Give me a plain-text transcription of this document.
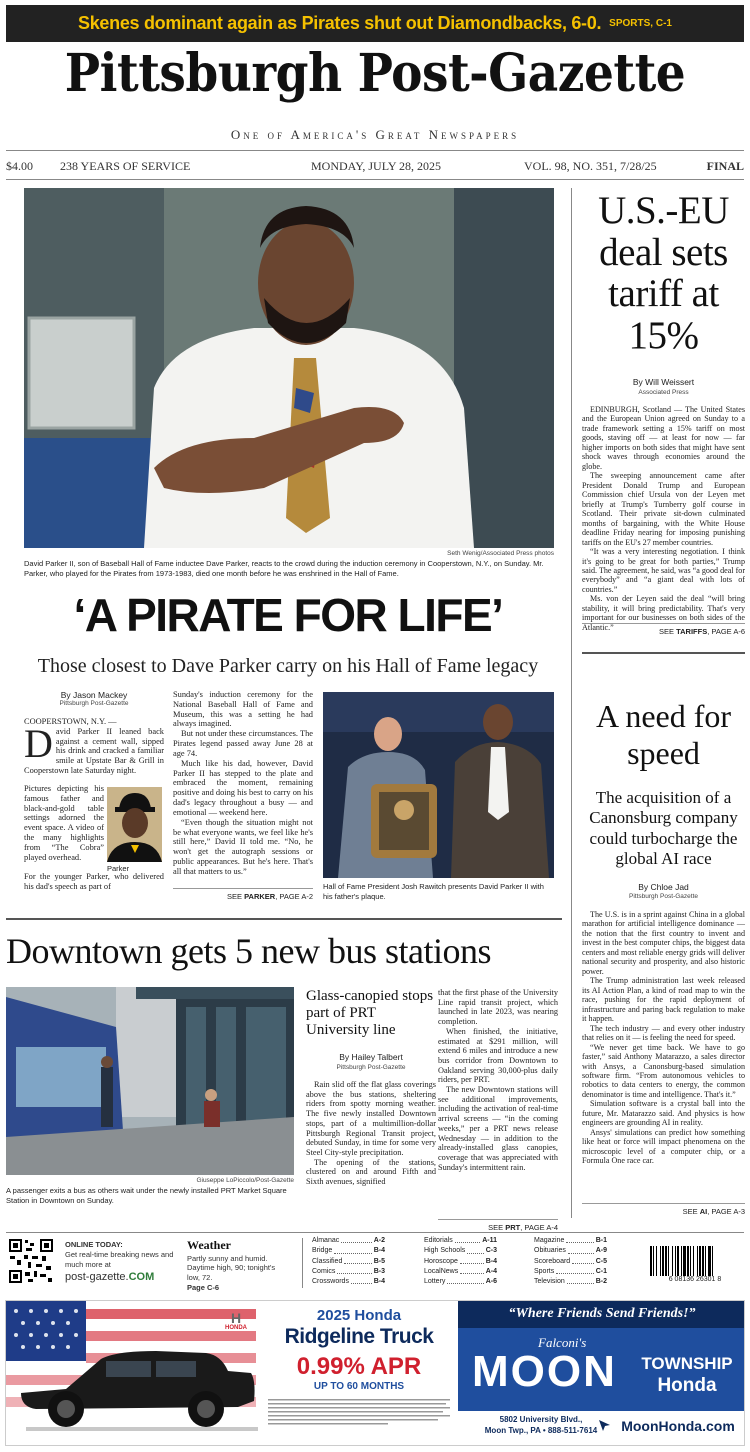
Skenes dominant again as Pirates shut out Diamondbacks, 6-0. SPORTS, C-1
Pittsburgh Post-Gazette
One of America's Great Newspapers
$4.00 238 YEARS OF SERVICE	MONDAY, JULY 28, 2025	VOL. 98, NO. 351, 7/28/25	FINAL
Seth Wenig/Associated Press photos
David Parker II, son of Baseball Hall of Fame inductee Dave Parker, reacts to the crowd during the induction ceremony in Cooperstown, N.Y., on Sunday. Mr. Parker, who played for the Pirates from 1973-1983, died one month before he was enshrined in the Hall of Fame.
‘A PIRATE FOR LIFE’
Those closest to Dave Parker carry on his Hall of Fame legacy
By Jason Mackey
Pittsburgh Post-Gazette
COOPERSTOWN, N.Y. —
D avid Parker II leaned back against a cement wall, sipped his drink and cracked a familiar smile at Upstate Bar & Grill in Cooperstown late Saturday night.
Pictures depicting his famous father and black-and-gold table settings adorned the event space. A video of the many highlights from “The Cobra” played overhead.
Parker
For the younger Parker, who delivered his dad's speech as part of

Sunday's induction ceremony for the National Baseball Hall of Fame and Museum, this was a setting he had always imagined.

But not under these circumstances. The Pirates legend passed away June 28 at age 74.

Much like his dad, however, David Parker II has stepped to the plate and embraced the moment, remaining positive and doing his best to carry on his dad's legacy throughout a busy — and emotional — weekend here.

“Even though the situation might not be what everyone wants, we feel like he's still here,” David II told me. “No, he won't get the autograph sessions or public appearances. But he's here. That's all that matters to us.”

SEE PARKER, PAGE A-2
Hall of Fame President Josh Rawitch presents David Parker II with his father's plaque.
U.S.-EU deal sets tariff at 15%
By Will Weissert
Associated Press

EDINBURGH, Scotland — The United States and the European Union agreed on Sunday to a trade framework setting a 15% tariff on most goods, staving off — at least for now — far higher imports on both sides that might have sent shock waves through economies around the globe.

The sweeping announcement came after President Donald Trump and European Commission chief Ursula von der Leyen met briefly at Trump's Turnberry golf course in Scotland. Their private sit-down culminated months of bargaining, with the White House deadline Friday nearing for imposing punishing tariffs on the EU's 27 member countries.

“It was a very interesting negotiation. I think it's going to be great for both parties,” Trump said. The agreement, he said, was “a good deal for everybody” and “a giant deal with lots of countries.”

Ms. von der Leyen said the deal “will bring stability, it will bring predictability. That's very important for our businesses on both sides of the Atlantic.”	SEE TARIFFS, PAGE A-6
A need for speed
The acquisition of a Canonsburg company could turbocharge the global AI race
By Chloe Jad
Pittsburgh Post-Gazette

The U.S. is in a sprint against China in a global marathon for artificial intelligence dominance — the notion that the first country to invent and invest in the best computer chips, the biggest data centers and most reliable energy grids will deliver national security and prosperity, and also historic power.

The Trump administration last week released its AI Action Plan, a kind of road map to win the race, pushing for the rapid deployment of infrastructure and paring back regulation to make it happen.

The tech industry — and every other industry that relies on it — is feeling the need for speed.

“We never get time back. We have to go faster,” said Anthony Matarazzo, a sales director with Ansys, a Canonsburg-based simulation software firm. “From autonomous vehicles to robotics to data centers to energy, the common denominator is time and intelligence. That's it.”

Simulation software is a crystal ball into the future, Mr. Matarazzo said. And physics is how engineers are grounding AI in reality.

Ansys' simulations can predict how something like heat or force will impact phenomena on the microscopic level of a computer chip, or a Formula One race car.

SEE AI, PAGE A-3
Downtown gets 5 new bus stations
Giuseppe LoPiccolo/Post-Gazette
A passenger exits a bus as others wait under the newly installed PRT Market Square Station in Downtown on Sunday.
Glass-canopied stops part of PRT University line
By Hailey Talbert
Pittsburgh Post-Gazette

Rain slid off the flat glass coverings above the bus stations, sheltering riders from spotty morning weather. The five newly installed Downtown stops, part of a multimillion-dollar Pittsburgh Regional Transit project, debuted Sunday, in time for some very Steel City-style precipitation.

The opening of the stations, clustered on and around Fifth and Sixth avenues, signified

that the first phase of the University Line rapid transit project, which launched in late 2023, was nearing completion.

When finished, the initiative, estimated at $291 million, will extend 6 miles and introduce a new bus corridor from Downtown to Oakland serving 30,000-plus daily riders, per PRT.

The new Downtown stations will see additional improvements, including the activation of real-time arrival screens — “in the coming weeks,” per a PRT news release Wednesday — in addition to the already-installed glass canopies, coverage that was appreciated with Sunday's intermittent rain.

SEE PRT, PAGE A-4
ONLINE TODAY:
Get real-time breaking news and much more at
post-gazette.COM
Weather
Partly sunny and humid. Daytime high, 90; tonight's low, 72.
Page C-6
Almanac	A-2
Bridge	B-4
Classified	B-5
Comics	B-3
Crosswords	B-4
Editorials	A-11
High Schools	C-3
Horoscope	B-4
LocalNews	A-4
Lottery	A-6
Magazine	B-1
Obituaries	A-9
Scoreboard	C-5
Sports	C-1
Television	B-2	6 08136 26301 8
H
HONDA
2025 Honda
Ridgeline Truck
0.99% APR
UP TO 60 MONTHS
“Where Friends Send Friends!”
Falconi's
MOON	TOWNSHIP
Honda
5802 University Blvd.,
Moon Twp., PA • 888-511-7614	MoonHonda.com
